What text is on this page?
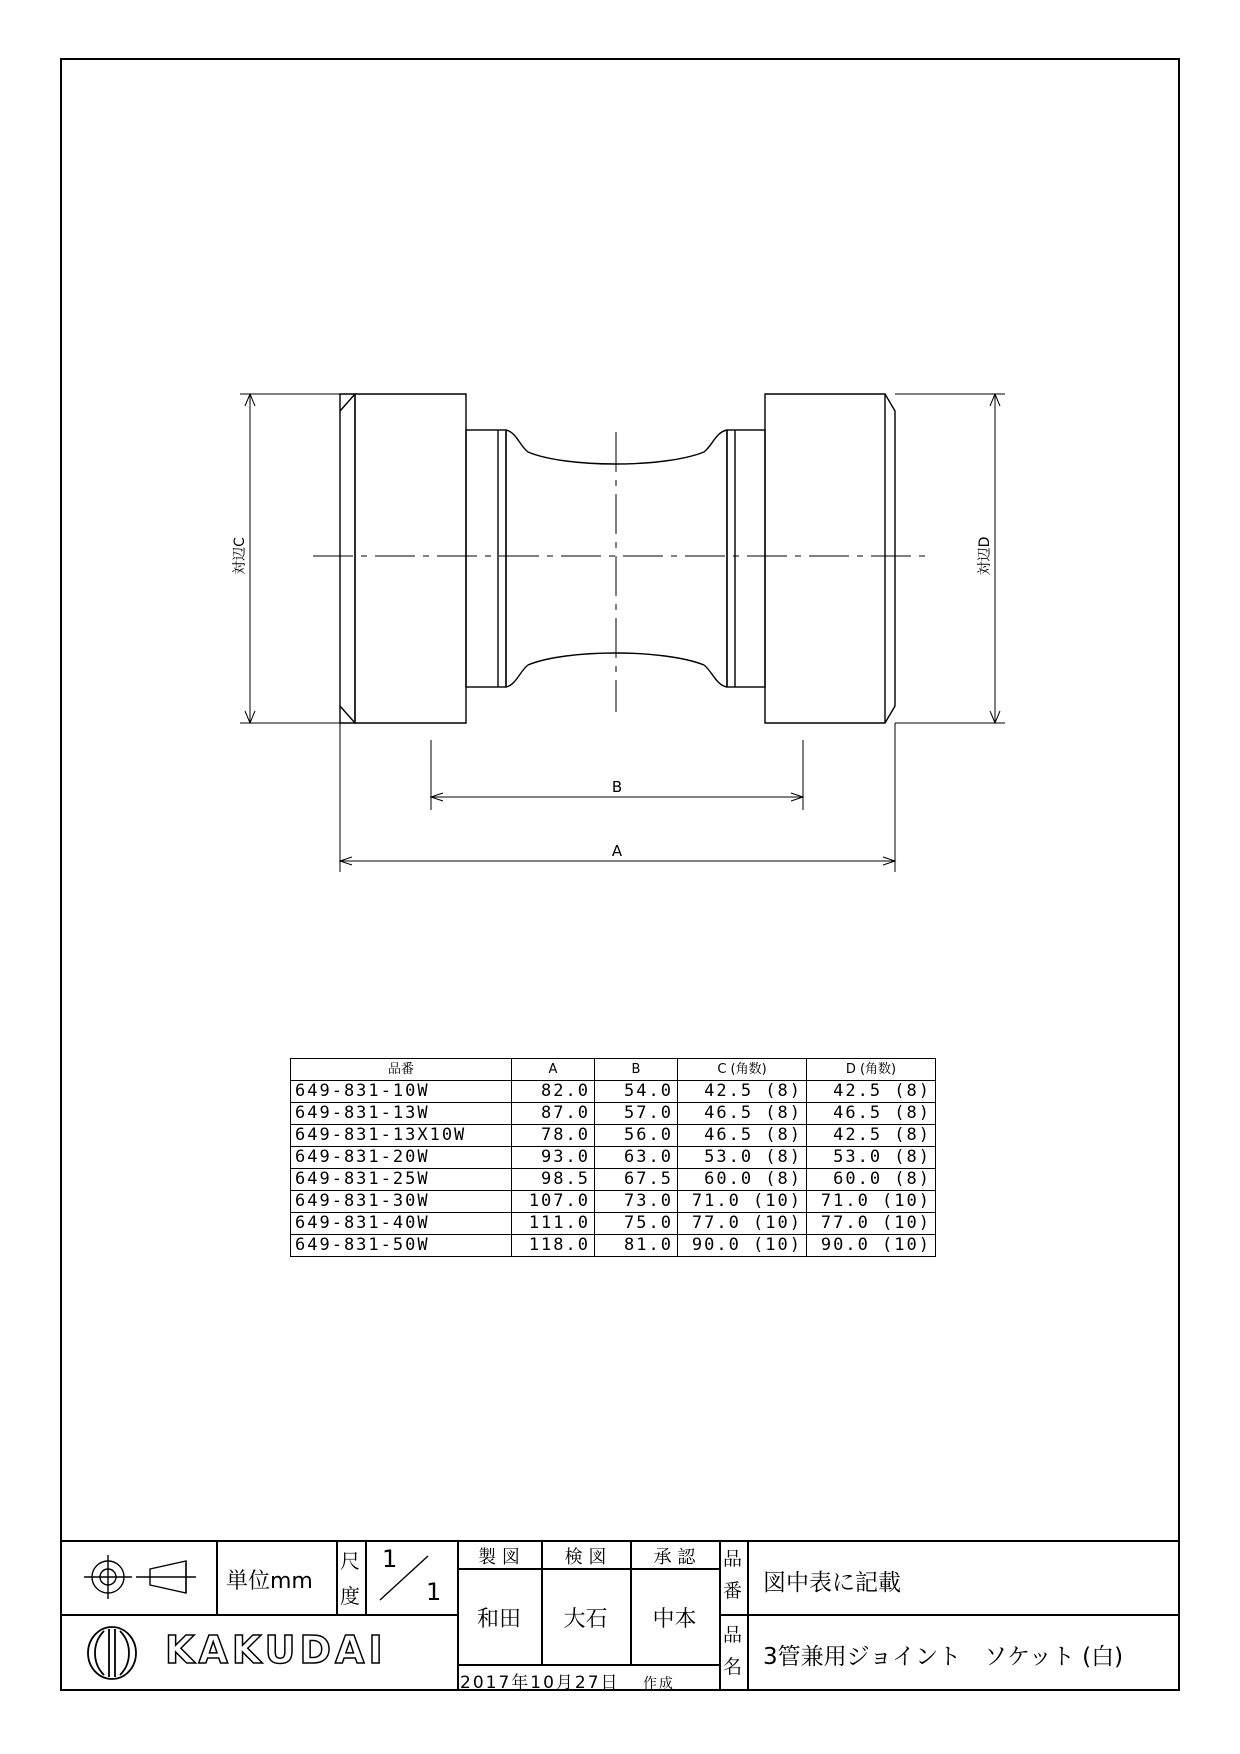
対辺C	対辺D
B
A
品番	A	B	C (角数)	D (角数)
649-831-10W	82.0	54.0	42.5 (8)	42.5 (8)
649-831-13W	87.0	57.0	46.5 (8)	46.5 (8)
649-831-13X10W	78.0	56.0	46.5 (8)	42.5 (8)
649-831-20W	93.0	63.0	53.0 (8)	53.0 (8)
649-831-25W	98.5	67.5	60.0 (8)	60.0 (8)
649-831-30W	107.0	73.0	71.0 (10)	71.0 (10)
649-831-40W	111.0	75.0	77.0 (10)	77.0 (10)
649-831-50W	118.0	81.0	90.0 (10)	90.0 (10)
単位mm
尺
度
1
1
製 図	検 図	承 認
和田	大石	中本
2017年10月27日 作成
品
番 図中表に記載
品
名 3管兼用ジョイント　ソケット (白)
KAKUDAI
